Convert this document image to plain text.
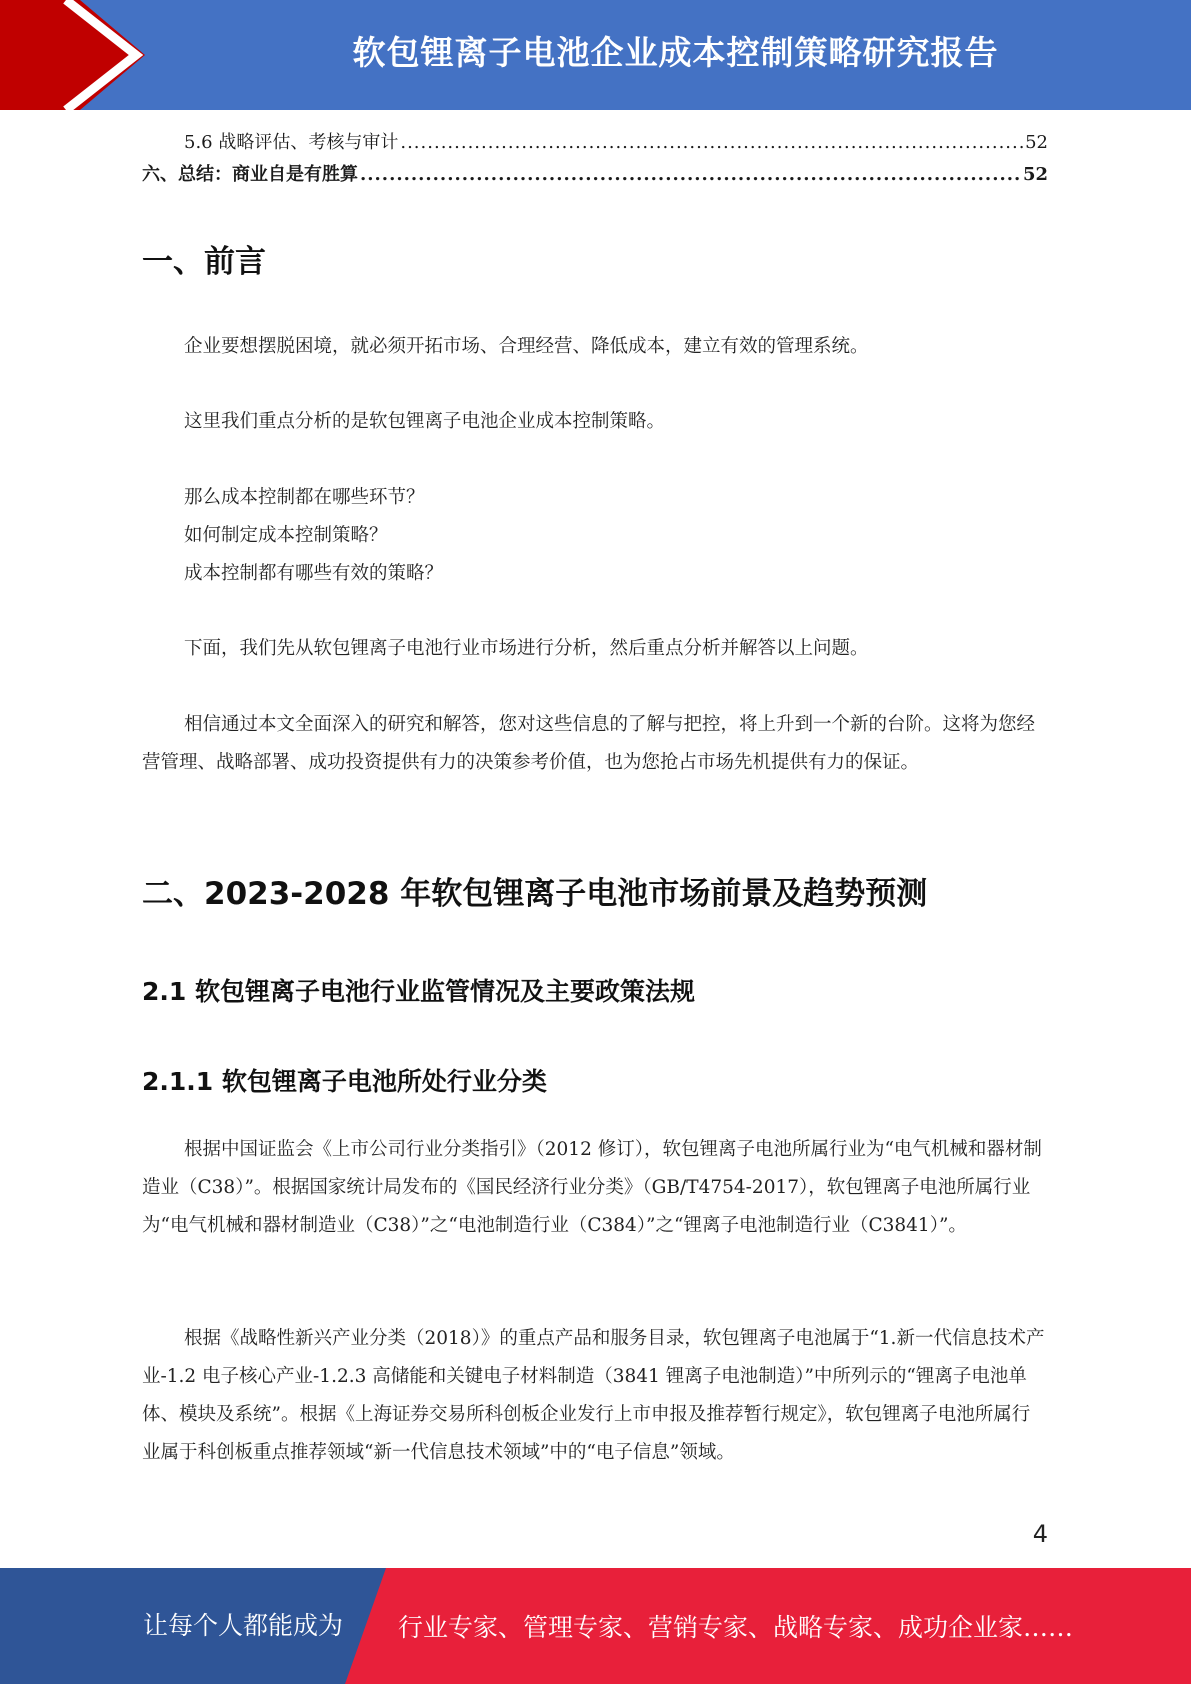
软包锂离子电池企业成本控制策略研究报告
5.6 战略评估、考核与审计 .....	52
六、总结：商业自是有胜算 .....	52
一、前言

企业要想摆脱困境，就必须开拓市场、合理经营、降低成本，建立有效的管理系统。

这里我们重点分析的是软包锂离子电池企业成本控制策略。

那么成本控制都在哪些环节？

如何制定成本控制策略？

成本控制都有哪些有效的策略？

下面，我们先从软包锂离子电池行业市场进行分析，然后重点分析并解答以上问题。

相信通过本文全面深入的研究和解答，您对这些信息的了解与把控，将上升到一个新的台阶。这将为您经营管理、战略部署、成功投资提供有力的决策参考价值，也为您抢占市场先机提供有力的保证。

二、2023-2028 年软包锂离子电池市场前景及趋势预测
2.1 软包锂离子电池行业监管情况及主要政策法规
2.1.1 软包锂离子电池所处行业分类

根据中国证监会《上市公司行业分类指引》（2012 修订），软包锂离子电池所属行业为“电气机械和器材制造业（C38）”。根据国家统计局发布的《国民经济行业分类》（GB/T4754-2017），软包锂离子电池所属行业为“电气机械和器材制造业（C38）”之“电池制造行业（C384）”之“锂离子电池制造行业（C3841）”。

根据《战略性新兴产业分类（2018）》的重点产品和服务目录，软包锂离子电池属于“1.新一代信息技术产业-1.2 电子核心产业-1.2.3 高储能和关键电子材料制造（3841 锂离子电池制造）”中所列示的“锂离子电池单体、模块及系统”。根据《上海证券交易所科创板企业发行上市申报及推荐暂行规定》，软包锂离子电池所属行业属于科创板重点推荐领域“新一代信息技术领域”中的“电子信息”领域。

4
让每个人都能成为 行业专家、管理专家、营销专家、战略专家、成功企业家……
